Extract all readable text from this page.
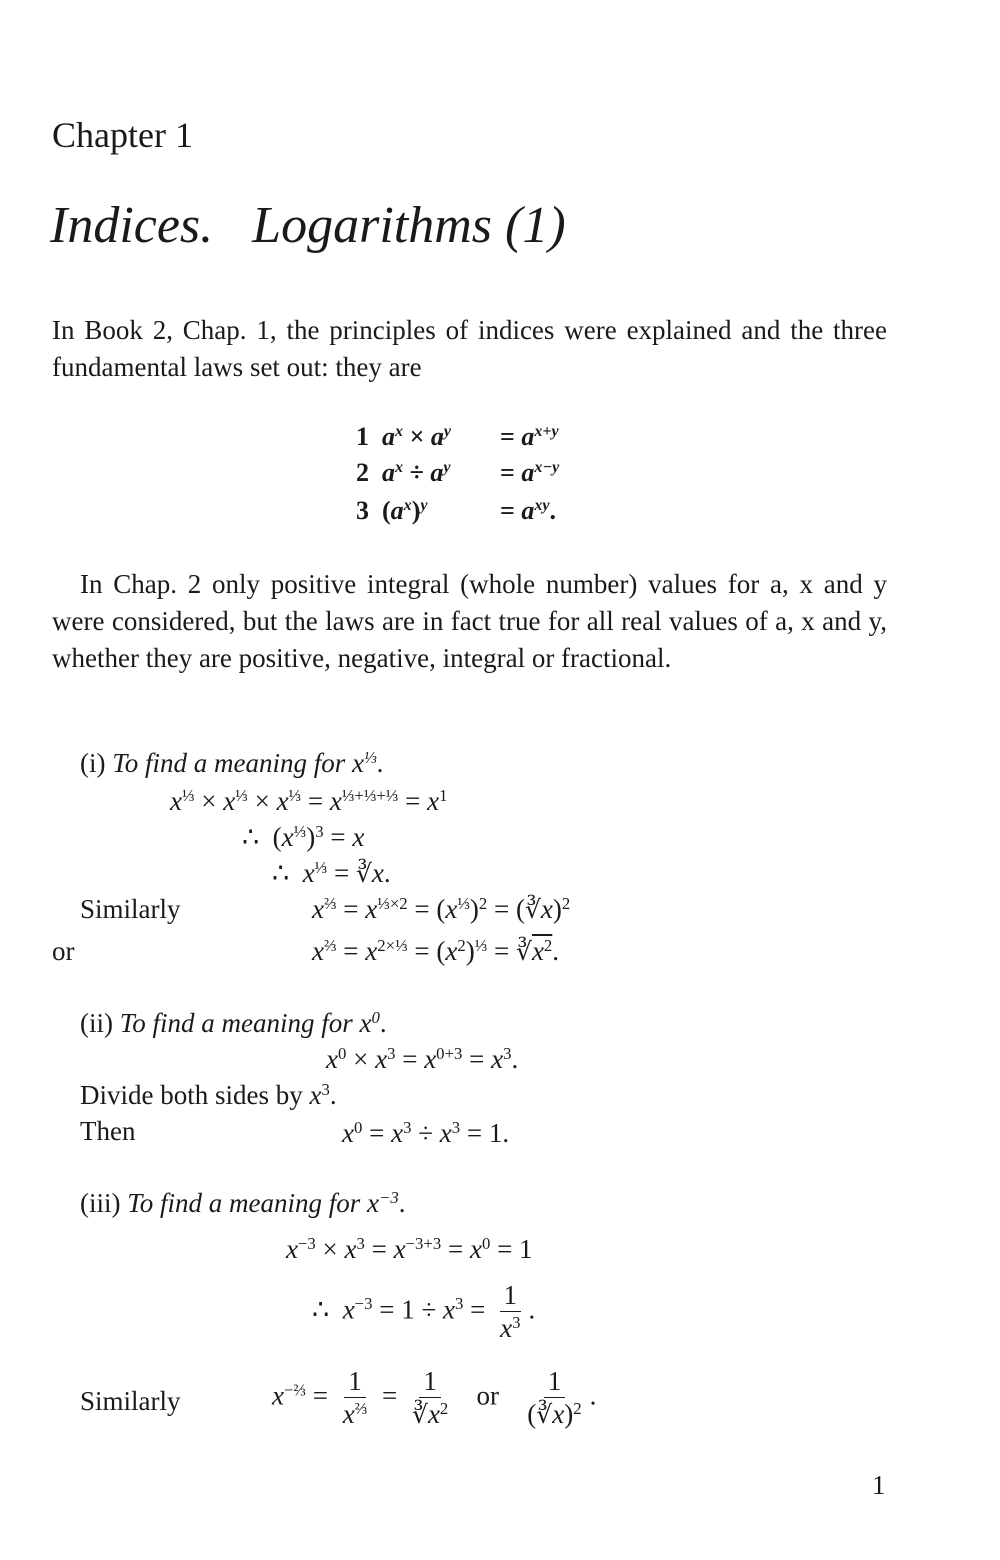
Chapter 1
Indices.   Logarithms (1)

In Book 2, Chap. 1, the principles of indices were explained and the three fundamental laws set out: they are

1 $a^x \times a^y = a^{x+y}$
2 $a^x \div a^y = a^{x-y}$
3  $(a^x)^y$	= $a^{xy}$.

In Chap. 2 only positive integral (whole number) values for a, x and y were considered, but the laws are in fact true for all real values of a, x and y, whether they are positive, negative, integral or fractional.

(i) To find a meaning for $x^{\frac{1}{3}}$.
$x^{\frac{1}{3}} \times x^{\frac{1}{3}} \times x^{\frac{1}{3}} = x^{\frac{1}{3}+\frac{1}{3}+\frac{1}{3}} = x^1$
∴  $(x^{\frac{1}{3}})^3 = x$
∴  $x^{\frac{1}{3}}$ = ∛x.
Similarly	$x^{\frac{2}{3}} = x^{\frac{1}{3}\times 2} = (x^{\frac{1}{3}})^2$ = (∛x)$^2$
or	$x^{\frac{2}{3}} = x^{2\times\frac{1}{3}} = (x^2)^{\frac{1}{3}}$ = $∛x^2$.
(ii) To find a meaning for $x^0$.
$x^0 \times x^3 = x^{0+3} = x^3$.
Divide both sides by $x^3$.
Then	$x^0 = x^3 \div x^3 = 1$.
(iii) To find a meaning for $x^{-3}$.
$x^{-3} \times x^3 = x^{-3+3} = x^0 = 1$
∴  $x^{-3} = 1 \div x^3 = \frac{1}{x^3}$ .
Similarly	$x^{-\frac{2}{3}} = \frac{1}{x^{\frac{2}{3}}} = \frac{1}{∛x^2}$ or $\frac{1}{(∛x)^2}$ .
1
